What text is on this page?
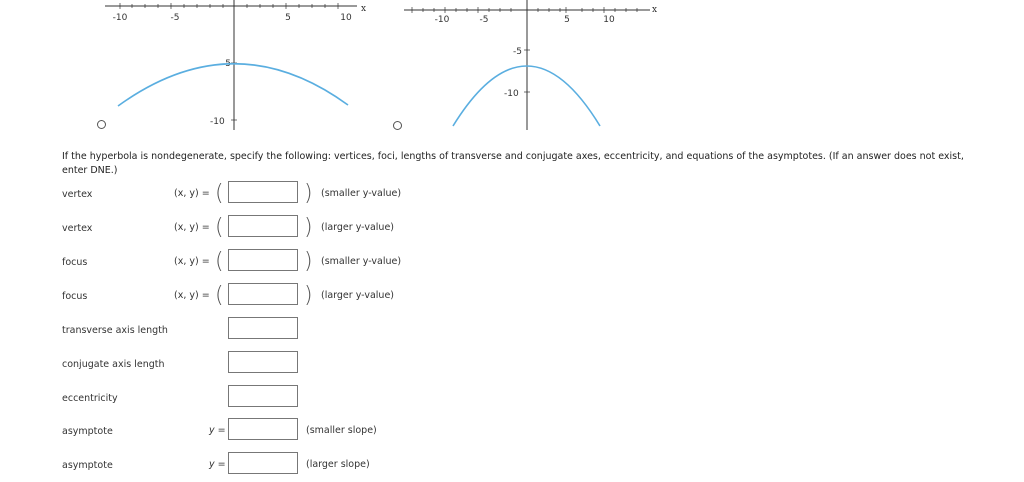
-10	-5	5	10
x
-5
-10
-10	-5	5	10
x
-5
-10
If the hyperbola is nondegenerate, specify the following: vertices, foci, lengths of transverse and conjugate axes, eccentricity, and equations of the asymptotes. (If an answer does not exist, enter DNE.)
vertex	(x, y) = (	) (smaller y-value)
vertex	(x, y) = (	) (larger y-value)
focus	(x, y) = (	) (smaller y-value)
focus	(x, y) = (	) (larger y-value)
transverse axis length
conjugate axis length
eccentricity
asymptote	y =	(smaller slope)
asymptote	y =	(larger slope)
